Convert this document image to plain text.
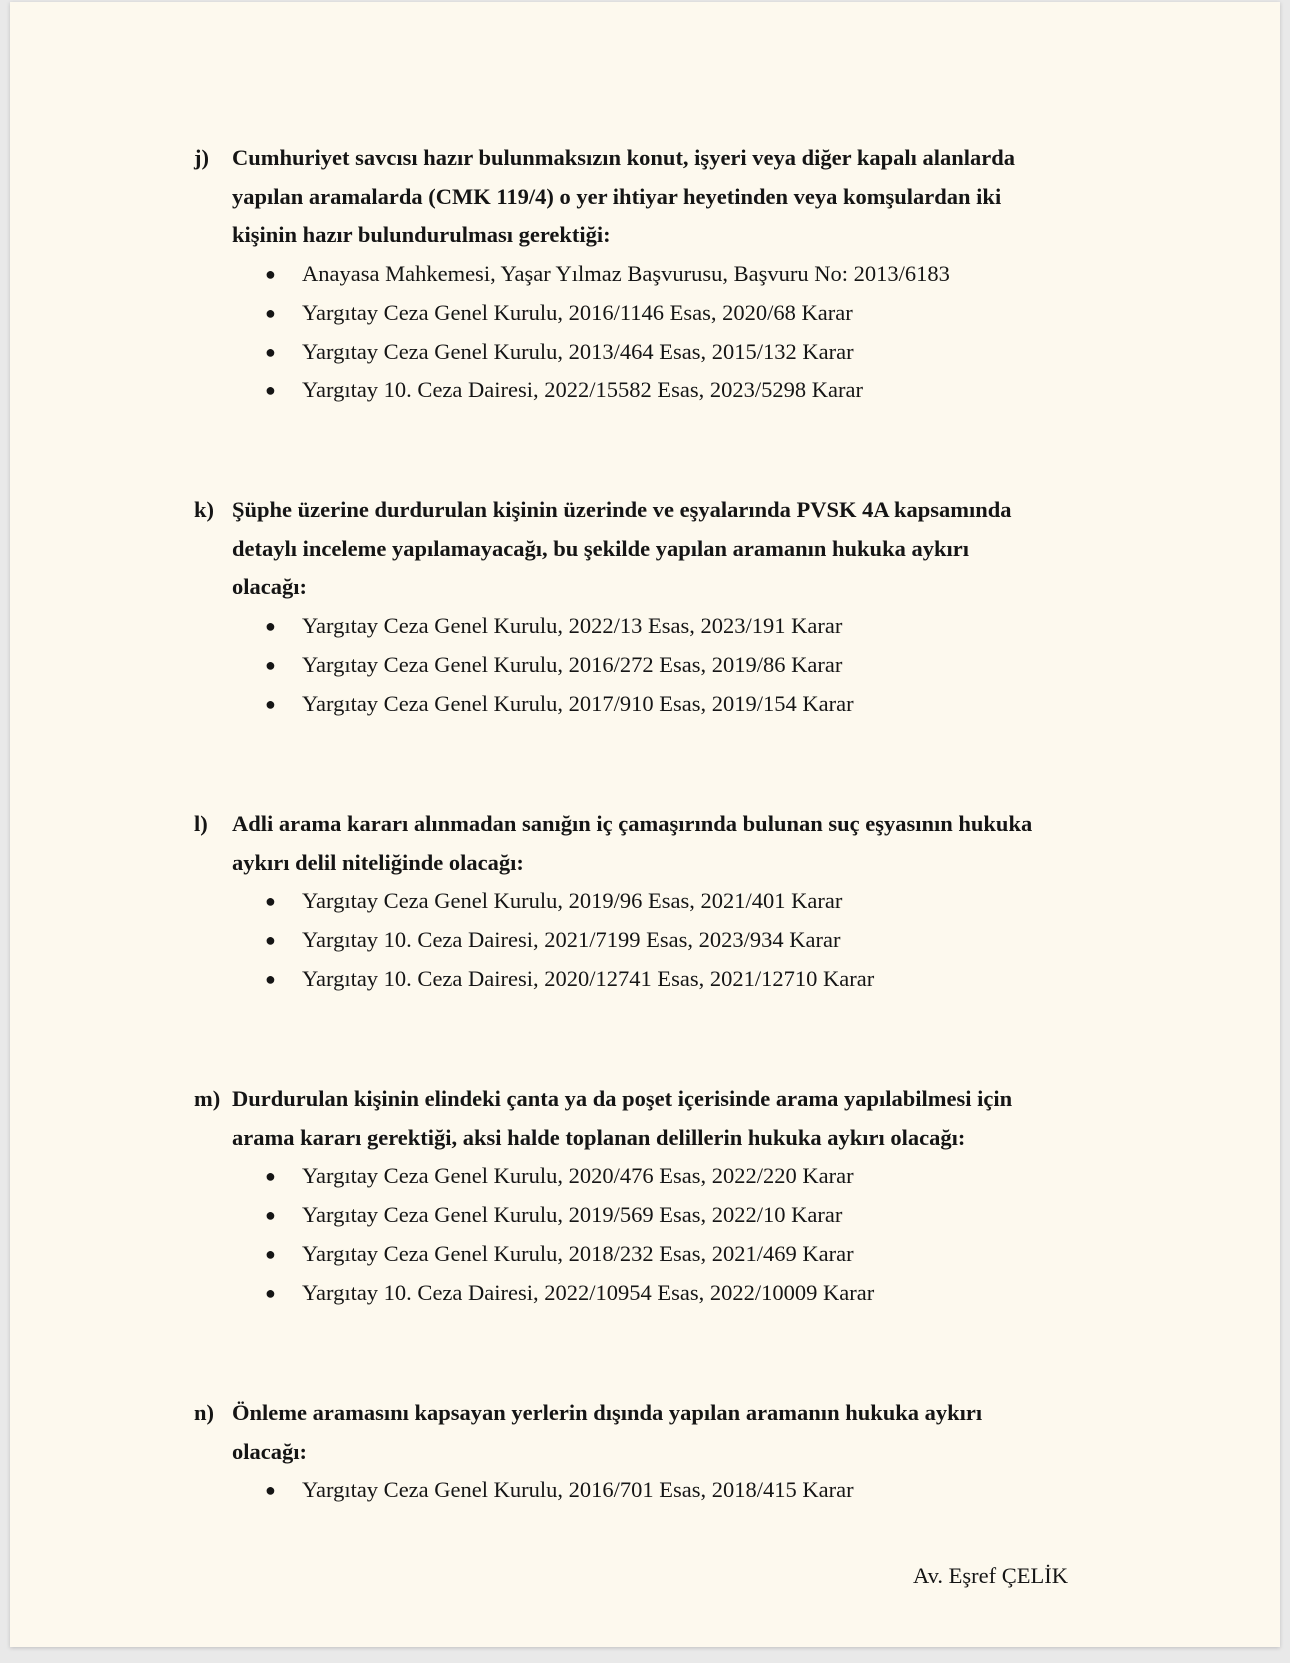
j) Cumhuriyet savcısı hazır bulunmaksızın konut, işyeri veya diğer kapalı alanlarda
yapılan aramalarda (CMK 119/4) o yer ihtiyar heyetinden veya komşulardan iki
kişinin hazır bulundurulması gerektiği:
● Anayasa Mahkemesi, Yaşar Yılmaz Başvurusu, Başvuru No: 2013/6183
● Yargıtay Ceza Genel Kurulu, 2016/1146 Esas, 2020/68 Karar
● Yargıtay Ceza Genel Kurulu, 2013/464 Esas, 2015/132 Karar
● Yargıtay 10. Ceza Dairesi, 2022/15582 Esas, 2023/5298 Karar
k) Şüphe üzerine durdurulan kişinin üzerinde ve eşyalarında PVSK 4A kapsamında
detaylı inceleme yapılamayacağı, bu şekilde yapılan aramanın hukuka aykırı
olacağı:
● Yargıtay Ceza Genel Kurulu, 2022/13 Esas, 2023/191 Karar
● Yargıtay Ceza Genel Kurulu, 2016/272 Esas, 2019/86 Karar
● Yargıtay Ceza Genel Kurulu, 2017/910 Esas, 2019/154 Karar
l) Adli arama kararı alınmadan sanığın iç çamaşırında bulunan suç eşyasının hukuka
aykırı delil niteliğinde olacağı:
● Yargıtay Ceza Genel Kurulu, 2019/96 Esas, 2021/401 Karar
● Yargıtay 10. Ceza Dairesi, 2021/7199 Esas, 2023/934 Karar
● Yargıtay 10. Ceza Dairesi, 2020/12741 Esas, 2021/12710 Karar
m) Durdurulan kişinin elindeki çanta ya da poşet içerisinde arama yapılabilmesi için
arama kararı gerektiği, aksi halde toplanan delillerin hukuka aykırı olacağı:
● Yargıtay Ceza Genel Kurulu, 2020/476 Esas, 2022/220 Karar
● Yargıtay Ceza Genel Kurulu, 2019/569 Esas, 2022/10 Karar
● Yargıtay Ceza Genel Kurulu, 2018/232 Esas, 2021/469 Karar
● Yargıtay 10. Ceza Dairesi, 2022/10954 Esas, 2022/10009 Karar
n) Önleme aramasını kapsayan yerlerin dışında yapılan aramanın hukuka aykırı
olacağı:
● Yargıtay Ceza Genel Kurulu, 2016/701 Esas, 2018/415 Karar
Av. Eşref ÇELİK
